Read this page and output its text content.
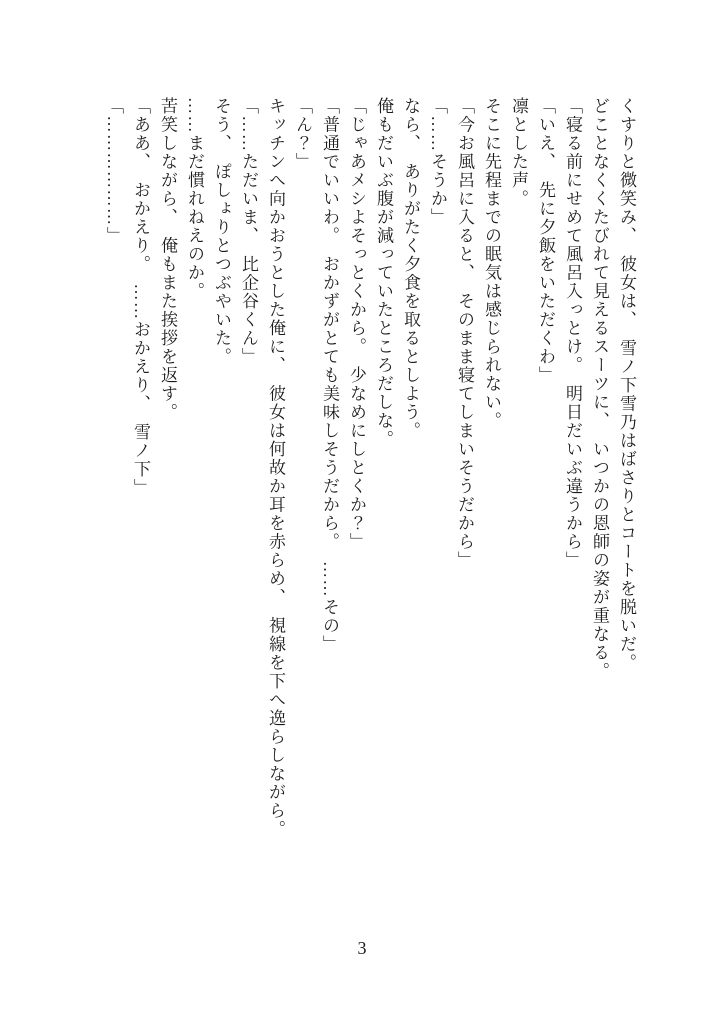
くすりと微笑み、　彼女は、　雪ノ下雪乃はばさりとコートを脱いだ。

どことなくくたびれて見えるスーツに、　いつかの恩師の姿が重なる。

「寝る前にせめて風呂入っとけ。　明日だいぶ違うから」

「いえ、　先に夕飯をいただくわ」

凛とした声。

そこに先程までの眠気は感じられない。

「今お風呂に入ると、　そのまま寝てしまいそうだから」

「……そうか」

なら、　ありがたく夕食を取るとしよう。

俺もだいぶ腹が減っていたところだしな。

「じゃあメシよそっとくから。　少なめにしとくか？」

「普通でいいわ。　おかずがとても美味しそうだから。　……その」

「ん？」

キッチンへ向かおうとした俺に、　彼女は何故か耳を赤らめ、　視線を下へ逸らしながら。

「……ただいま、　比企谷くん」

そう、　ぽしょりとつぶやいた。

……まだ慣れねえのか。

苦笑しながら、　俺もまた挨拶を返す。

「ああ、　おかえり。　……おかえり、　雪ノ下」

「………………」

3
